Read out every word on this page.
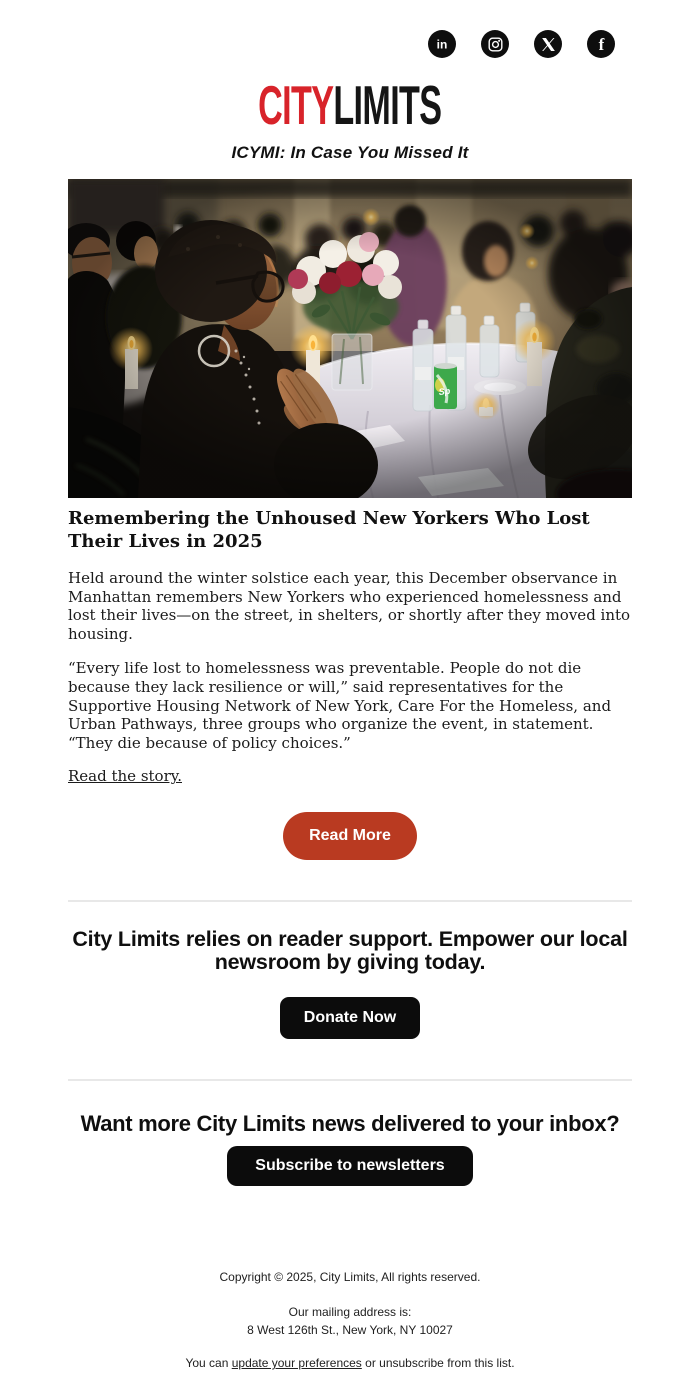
in	f
CITYLIMITS
ICYMI: In Case You Missed It
Remembering the Unhoused New Yorkers Who Lost Their Lives in 2025

Held around the winter solstice each year, this December observance in Manhattan remembers New Yorkers who experienced homelessness and lost their lives—on the street, in shelters, or shortly after they moved into housing.

“Every life lost to homelessness was preventable. People do not die because they lack resilience or will,” said representatives for the Supportive Housing Network of New York, Care For the Homeless, and Urban Pathways, three groups who organize the event, in statement. “They die because of policy choices.”

Read the story.

Read More
City Limits relies on reader support. Empower our local newsroom by giving today.
Donate Now
Want more City Limits news delivered to your inbox?
Subscribe to newsletters
Copyright © 2025, City Limits, All rights reserved.
Our mailing address is:
8 West 126th St., New York, NY 10027
You can update your preferences or unsubscribe from this list.
